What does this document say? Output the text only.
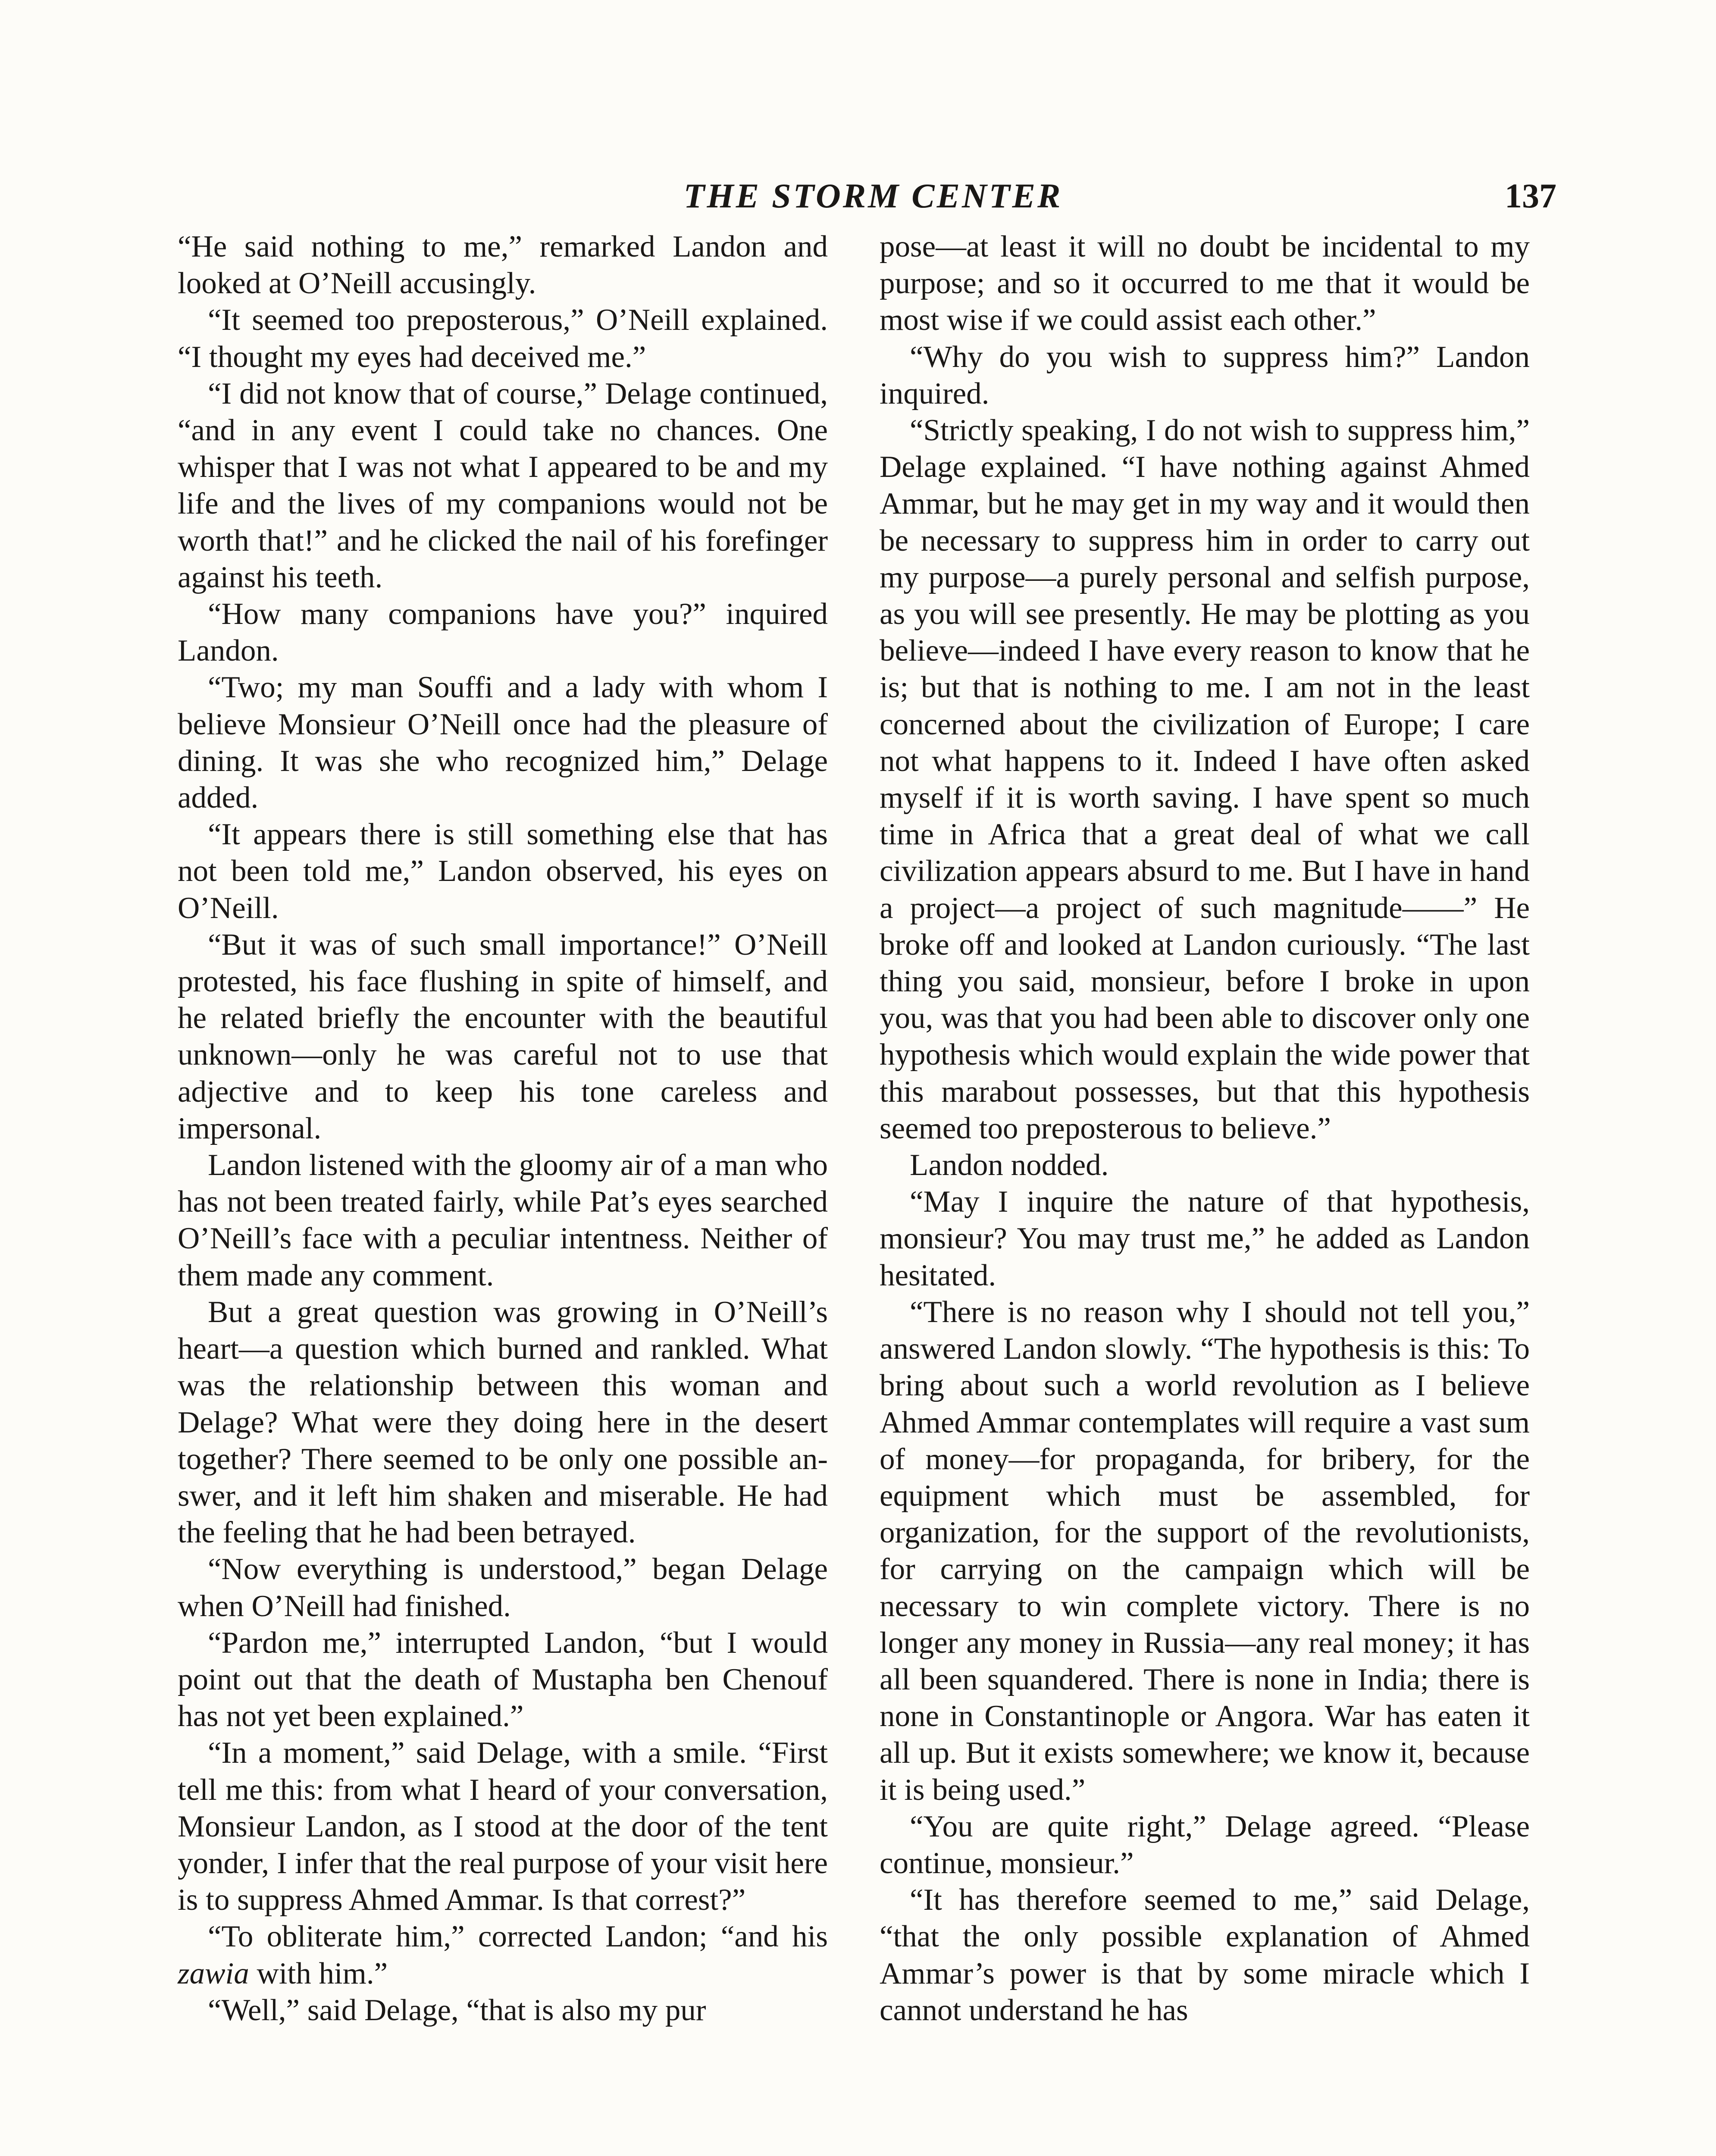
THE STORM CENTER	137

“He said nothing to me,” remarked Landon and looked at O’Neill accusingly.

“It seemed too preposterous,” O’Neill explained. “I thought my eyes had deceived me.”

“I did not know that of course,” Delage continued, “and in any event I could take no chances. One whisper that I was not what I appeared to be and my life and the lives of my companions would not be worth that!” and he clicked the nail of his forefinger against his teeth.

“How many companions have you?” inquired Landon.

“Two; my man Souffi and a lady with whom I believe Monsieur O’Neill once had the pleasure of dining. It was she who recognized him,” Delage added.

“It appears there is still something else that has not been told me,” Landon observed, his eyes on O’Neill.

“But it was of such small importance!” O’Neill protested, his face flushing in spite of himself, and he related briefly the encounter with the beautiful unknown—only he was careful not to use that adjective and to keep his tone careless and impersonal.

Landon listened with the gloomy air of a man who has not been treated fairly, while Pat’s eyes searched O’Neill’s face with a peculiar intentness. Neither of them made any comment.

But a great question was growing in O’Neill’s heart—a question which burned and rankled. What was the relationship between this woman and Delage? What were they doing here in the desert together? There seemed to be only one possible answer, and it left him shaken and miserable. He had the feeling that he had been betrayed.

“Now everything is understood,” began Delage when O’Neill had finished.

“Pardon me,” interrupted Landon, “but I would point out that the death of Mustapha ben Chenouf has not yet been explained.”

“In a moment,” said Delage, with a smile. “First tell me this: from what I heard of your conversation, Monsieur Landon, as I stood at the door of the tent yonder, I infer that the real purpose of your visit here is to suppress Ahmed Ammar. Is that correst?”

“To obliterate him,” corrected Landon; “and his zawia with him.”

“Well,” said Delage, “that is also my pur

pose—at least it will no doubt be incidental to my purpose; and so it occurred to me that it would be most wise if we could assist each other.”

“Why do you wish to suppress him?” Landon inquired.

“Strictly speaking, I do not wish to suppress him,” Delage explained. “I have nothing against Ahmed Ammar, but he may get in my way and it would then be necessary to suppress him in order to carry out my purpose—a purely personal and selfish purpose, as you will see presently. He may be plotting as you believe—indeed I have every reason to know that he is; but that is nothing to me. I am not in the least concerned about the civilization of Europe; I care not what happens to it. Indeed I have often asked myself if it is worth saving. I have spent so much time in Africa that a great deal of what we call civilization appears absurd to me. But I have in hand a project—a project of such magnitude——” He broke off and looked at Landon curiously. “The last thing you said, monsieur, before I broke in upon you, was that you had been able to discover only one hypothesis which would explain the wide power that this marabout possesses, but that this hypothesis seemed too preposterous to believe.”

Landon nodded.

“May I inquire the nature of that hypothesis, monsieur? You may trust me,” he added as Landon hesitated.

“There is no reason why I should not tell you,” answered Landon slowly. “The hypothesis is this: To bring about such a world revolution as I believe Ahmed Ammar contemplates will require a vast sum of money—for propaganda, for bribery, for the equipment which must be assembled, for organization, for the support of the revolutionists, for carrying on the campaign which will be necessary to win complete victory. There is no longer any money in Russia—any real money; it has all been squandered. There is none in India; there is none in Constantinople or Angora. War has eaten it all up. But it exists somewhere; we know it, because it is being used.”

“You are quite right,” Delage agreed. “Please continue, monsieur.”

“It has therefore seemed to me,” said Delage, “that the only possible explanation of Ahmed Ammar’s power is that by some miracle which I cannot understand he has
